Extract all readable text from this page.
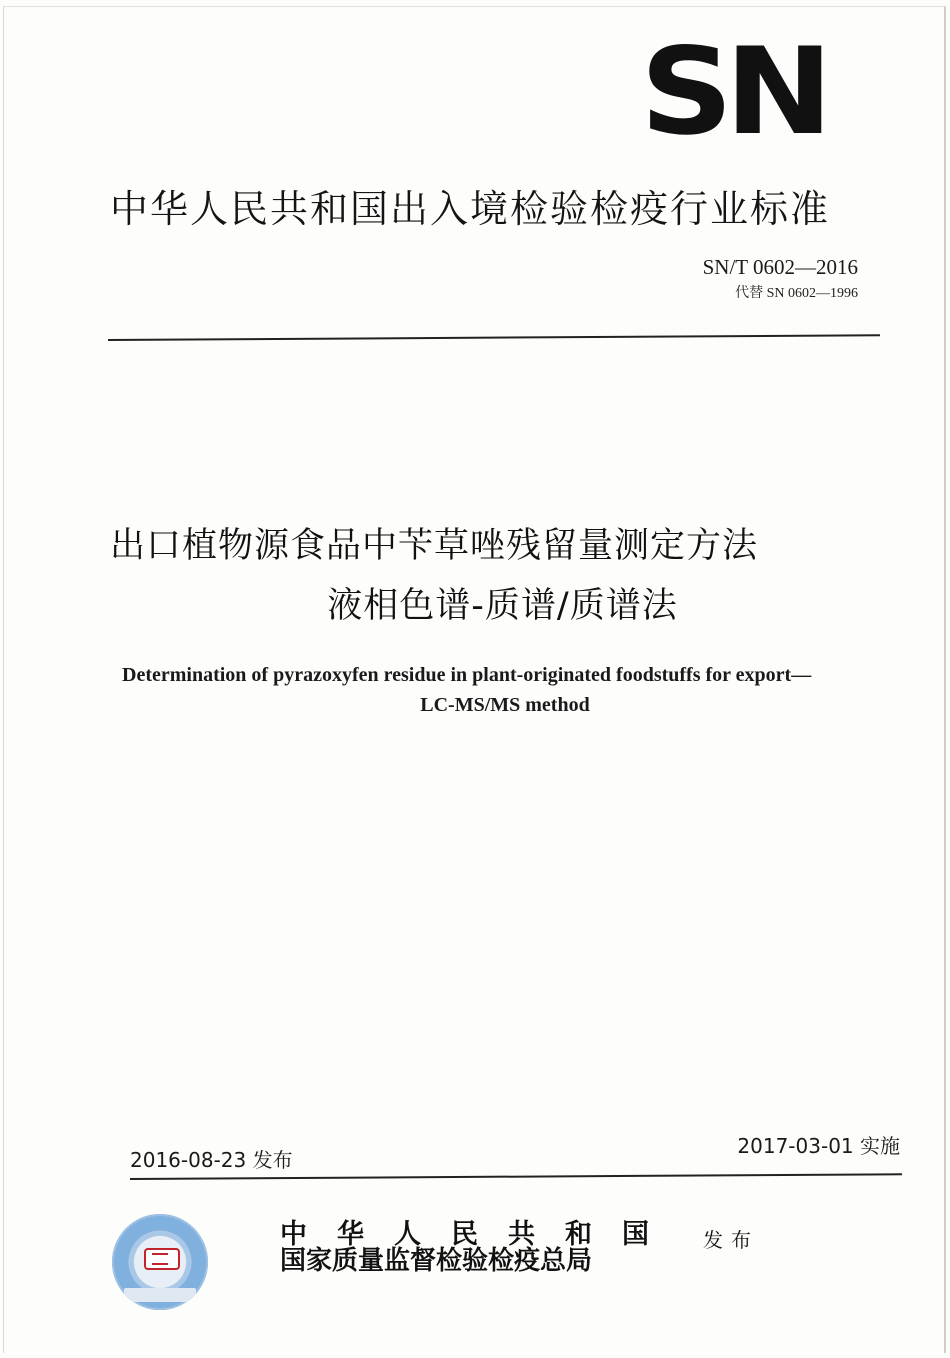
SN
中华人民共和国出入境检验检疫行业标准
SN/T 0602—2016
代替 SN 0602—1996
出口植物源食品中苄草唑残留量测定方法
液相色谱-质谱/质谱法
Determination of pyrazoxyfen residue in plant-originated foodstuffs for export—
LC-MS/MS method
2016-08-23 发布
2017-03-01 实施
中华人民共和国
国家质量监督检验检疫总局
发布
